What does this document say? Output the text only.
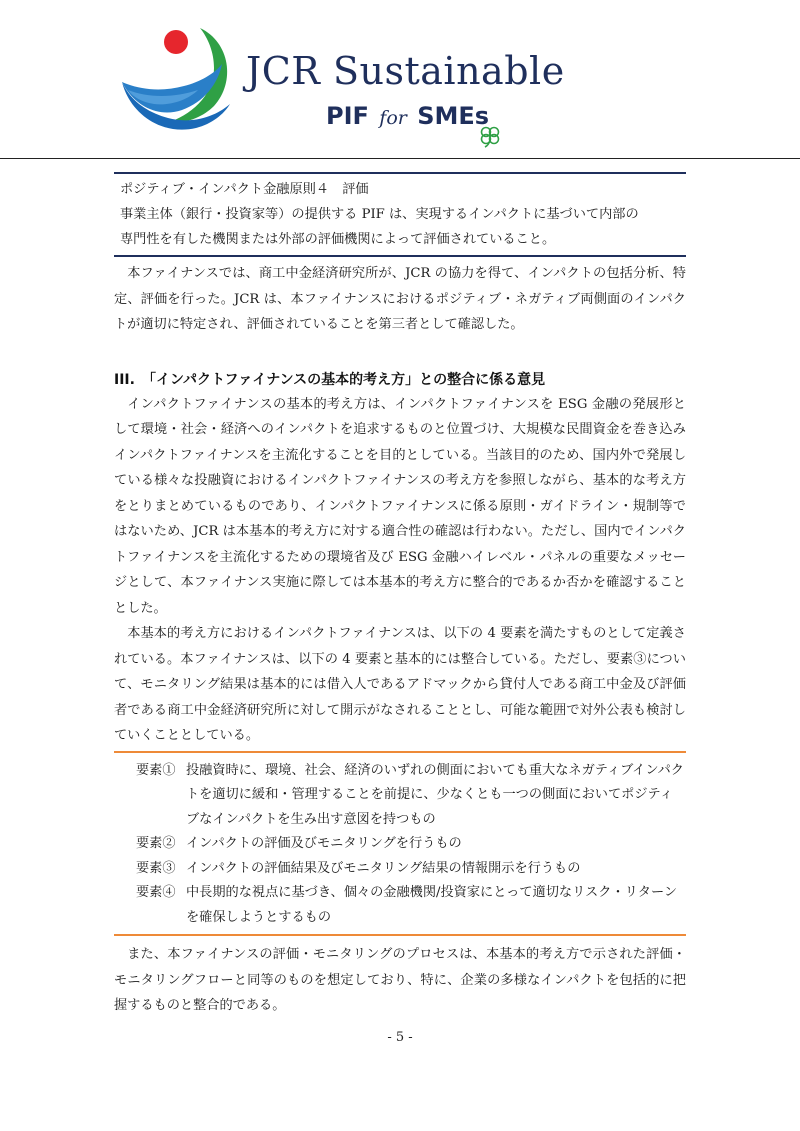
JCR Sustainable
PIF for SMEs

ポジティブ・インパクト金融原則４　評価

事業主体（銀行・投資家等）の提供する PIF は、実現するインパクトに基づいて内部の

専門性を有した機関または外部の評価機関によって評価されていること。

本ファイナンスでは、商工中金経済研究所が、JCR の協力を得て、インパクトの包括分析、特定、評価を行った。JCR は、本ファイナンスにおけるポジティブ・ネガティブ両側面のインパクトが適切に特定され、評価されていることを第三者として確認した。

III.　「インパクトファイナンスの基本的考え方」との整合に係る意見

インパクトファイナンスの基本的考え方は、インパクトファイナンスを ESG 金融の発展形として環境・社会・経済へのインパクトを追求するものと位置づけ、大規模な民間資金を巻き込みインパクトファイナンスを主流化することを目的としている。当該目的のため、国内外で発展している様々な投融資におけるインパクトファイナンスの考え方を参照しながら、基本的な考え方をとりまとめているものであり、インパクトファイナンスに係る原則・ガイドライン・規制等ではないため、JCR は本基本的考え方に対する適合性の確認は行わない。ただし、国内でインパクトファイナンスを主流化するための環境省及び ESG 金融ハイレベル・パネルの重要なメッセージとして、本ファイナンス実施に際しては本基本的考え方に整合的であるか否かを確認することとした。

本基本的考え方におけるインパクトファイナンスは、以下の 4 要素を満たすものとして定義されている。本ファイナンスは、以下の 4 要素と基本的には整合している。ただし、要素③について、モニタリング結果は基本的には借入人であるアドマックから貸付人である商工中金及び評価者である商工中金経済研究所に対して開示がなされることとし、可能な範囲で対外公表も検討していくこととしている。

要素① 投融資時に、環境、社会、経済のいずれの側面においても重大なネガティブインパクトを適切に緩和・管理することを前提に、少なくとも一つの側面においてポジティブなインパクトを生み出す意図を持つもの
要素② インパクトの評価及びモニタリングを行うもの
要素③ インパクトの評価結果及びモニタリング結果の情報開示を行うもの
要素④ 中長期的な視点に基づき、個々の金融機関/投資家にとって適切なリスク・リターンを確保しようとするもの

また、本ファイナンスの評価・モニタリングのプロセスは、本基本的考え方で示された評価・モニタリングフローと同等のものを想定しており、特に、企業の多様なインパクトを包括的に把握するものと整合的である。

- 5 -
